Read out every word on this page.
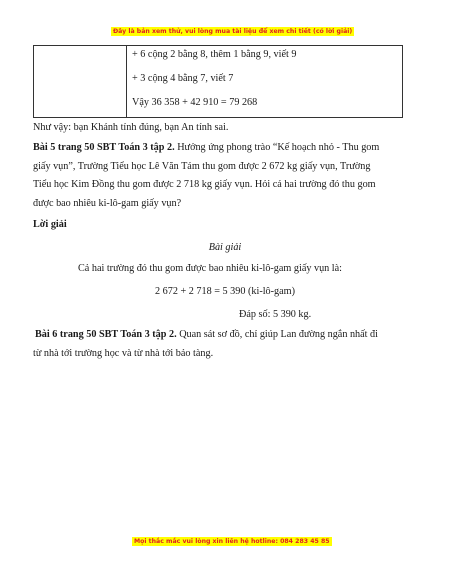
Đây là bản xem thử, vui lòng mua tài liệu để xem chi tiết (có lời giải)
+ 6 cộng 2 bằng 8, thêm 1 bằng 9, viết 9
+ 3 cộng 4 bằng 7, viết 7
Vậy 36 358 + 42 910 = 79 268
Như vậy: bạn Khánh tính đúng, bạn An tính sai.
Bài 5 trang 50 SBT Toán 3 tập 2. Hưởng ứng phong trào “Kế hoạch nhỏ - Thu gom
giấy vụn”, Trường Tiểu học Lê Văn Tám thu gom được 2 672 kg giấy vụn, Trường
Tiểu học Kim Đồng thu gom được 2 718 kg giấy vụn. Hỏi cả hai trường đó thu gom
được bao nhiêu ki-lô-gam giấy vụn?
Lời giải
Bài giải
Cả hai trường đó thu gom được bao nhiêu ki-lô-gam giấy vụn là:
2 672 + 2 718 = 5 390 (ki-lô-gam)
Đáp số: 5 390 kg.
Bài 6 trang 50 SBT Toán 3 tập 2. Quan sát sơ đồ, chỉ giúp Lan đường ngắn nhất đi
từ nhà tới trường học và từ nhà tới bảo tàng.
Mọi thắc mắc vui lòng xin liên hệ hotline: 084 283 45 85
